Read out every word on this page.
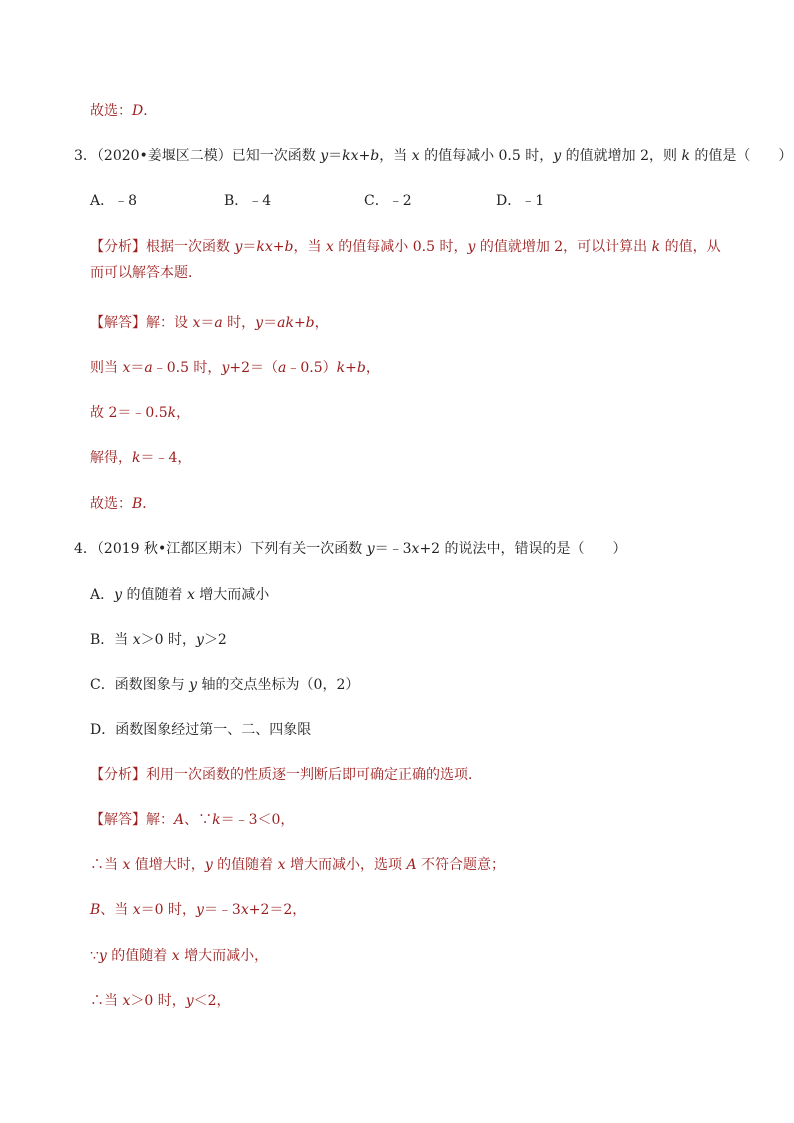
故选：D．
3．（2020•姜堰区二模）已知一次函数 y＝kx+b，当 x 的值每减小 0.5 时，y 的值就增加 2，则 k 的值是（　　）
A．﹣8	B．﹣4	C．﹣2	D．﹣1
【分析】根据一次函数 y＝kx+b，当 x 的值每减小 0.5 时，y 的值就增加 2，可以计算出 k 的值，从而可以解答本题．
【解答】解：设 x＝a 时，y＝ak+b，
则当 x＝a﹣0.5 时，y+2＝（a﹣0.5）k+b，
故 2＝﹣0.5k，
解得，k＝﹣4，
故选：B．
4．（2019 秋•江都区期末）下列有关一次函数 y＝﹣3x+2 的说法中，错误的是（　　）
A．y 的值随着 x 增大而减小
B．当 x＞0 时，y＞2
C．函数图象与 y 轴的交点坐标为（0，2）
D．函数图象经过第一、二、四象限
【分析】利用一次函数的性质逐一判断后即可确定正确的选项．
【解答】解：A、∵k＝﹣3＜0，
∴当 x 值增大时，y 的值随着 x 增大而减小，选项 A 不符合题意；
B、当 x＝0 时，y＝﹣3x+2＝2，
∵y 的值随着 x 增大而减小，
∴当 x＞0 时，y＜2，
